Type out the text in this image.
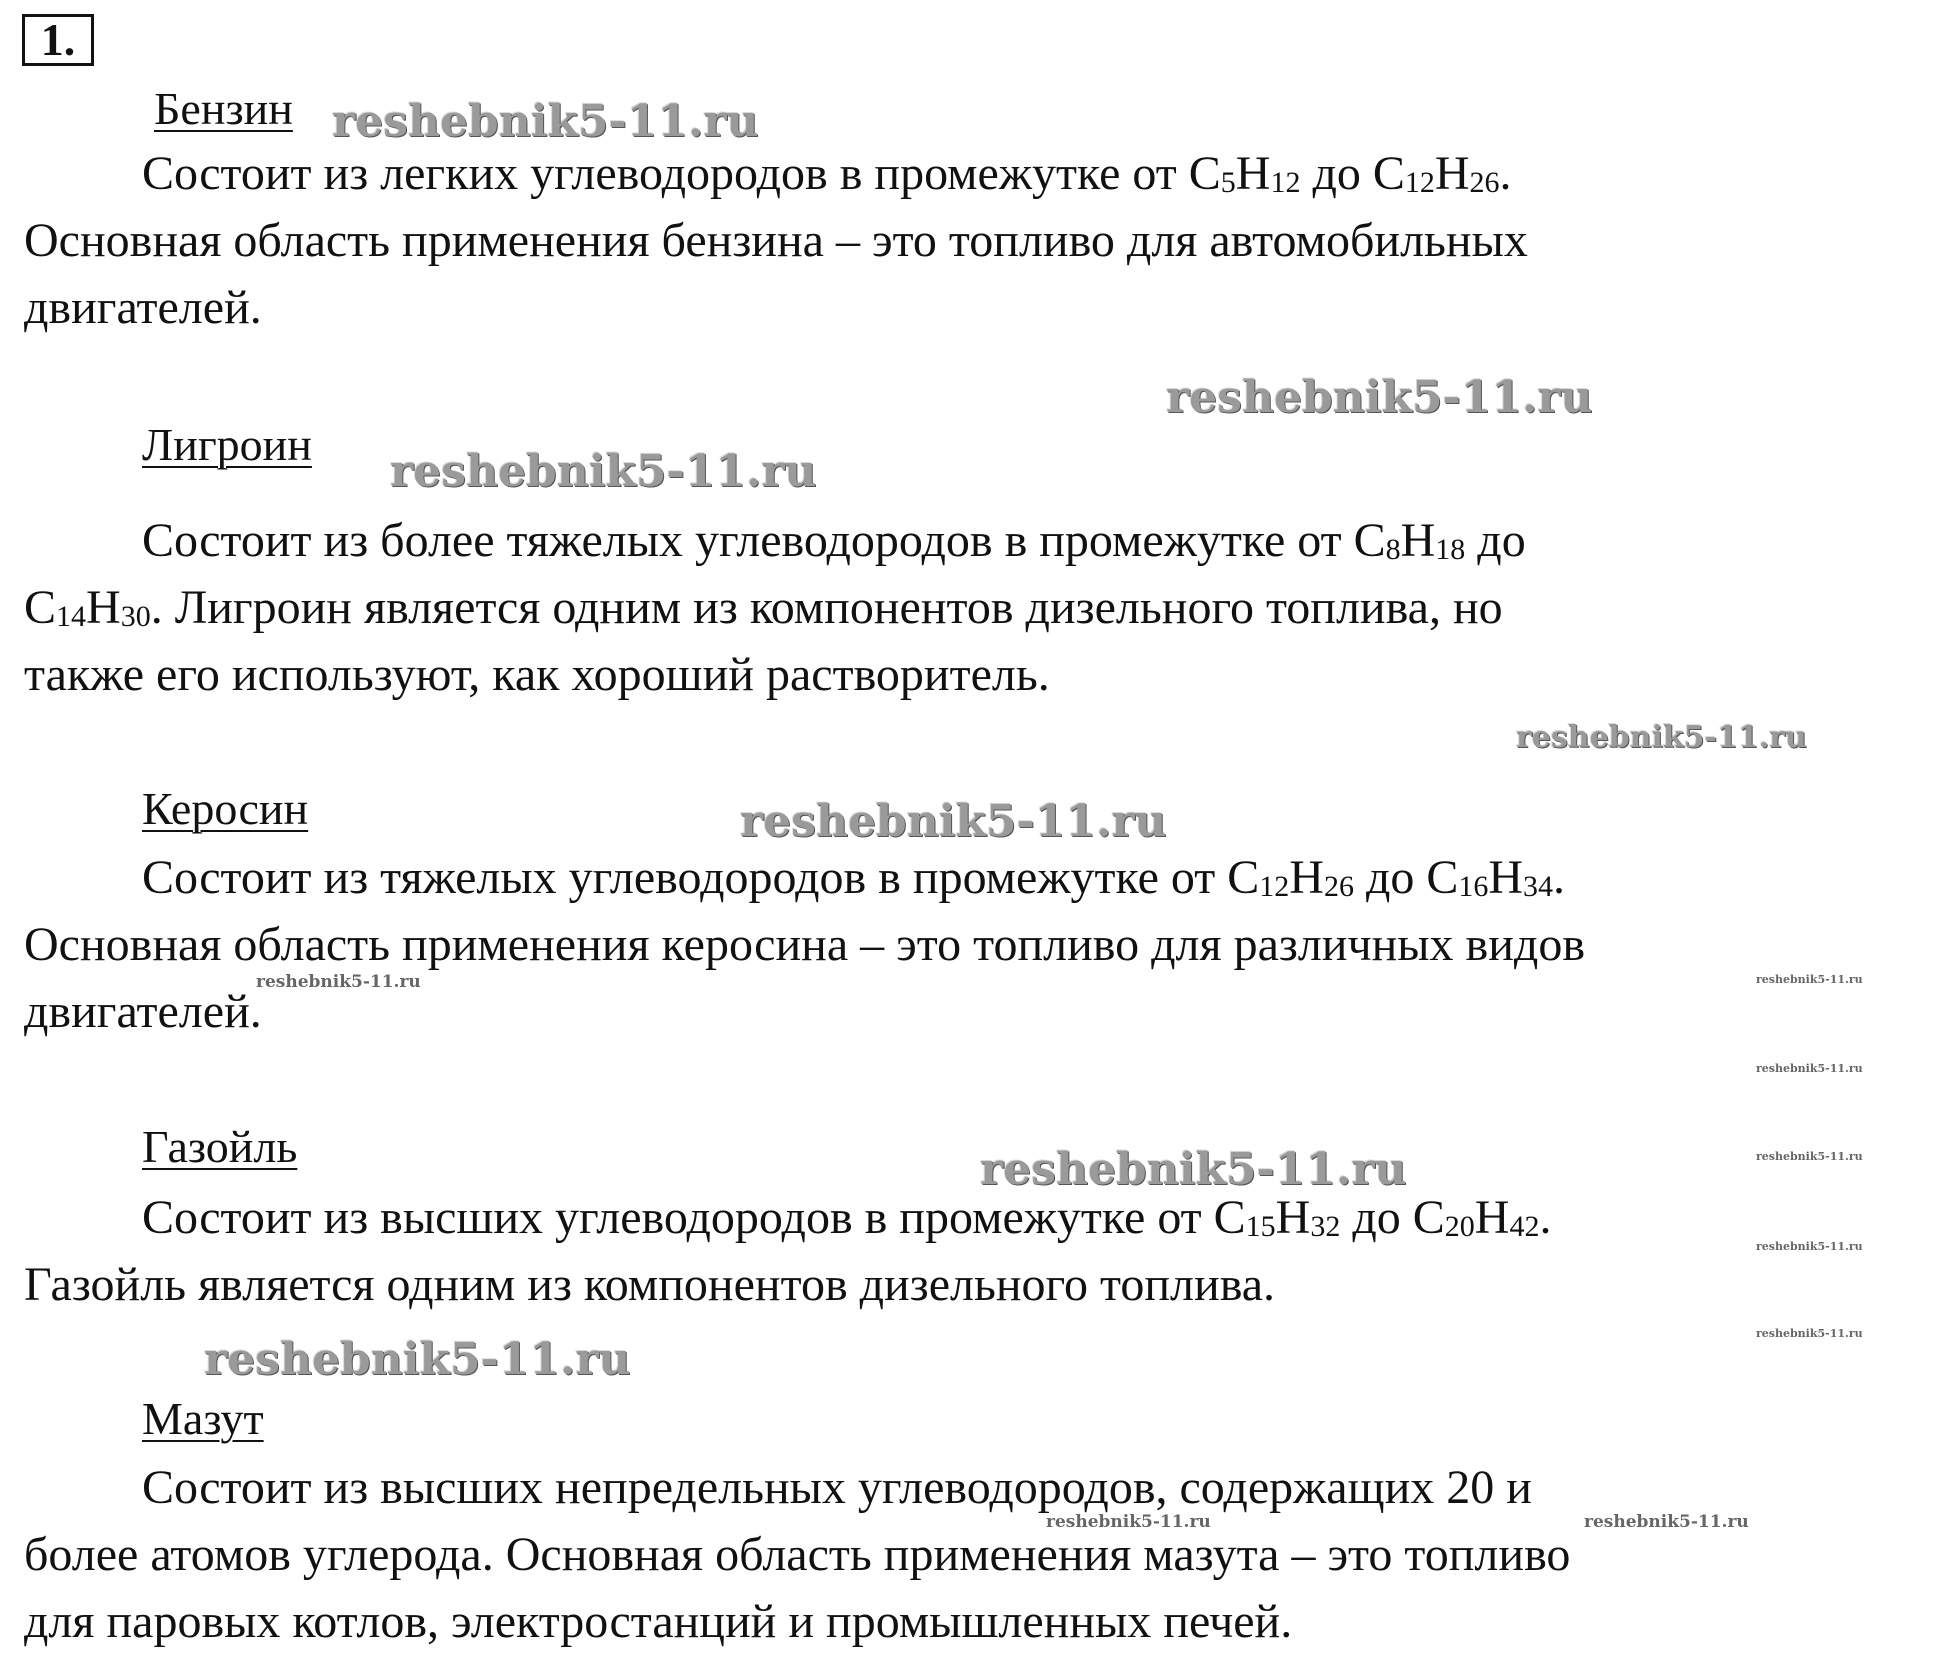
1.
Бензин
Состоит из легких углеводородов в промежутке от $C_5H_{12}$ до $C_{12}H_{26}$.
Основная область применения бензина – это топливо для автомобильных
двигателей.
Лигроин
Состоит из более тяжелых углеводородов в промежутке от $C_8H_{18}$ до
$C_{14}H_{30}$. Лигроин является одним из компонентов дизельного топлива, но
также его используют, как хороший растворитель.
Керосин
Состоит из тяжелых углеводородов в промежутке от $C_{12}H_{26}$ до $C_{16}H_{34}$.
Основная область применения керосина – это топливо для различных видов
двигателей.
Газойль
Состоит из высших углеводородов в промежутке от $C_{15}H_{32}$ до $C_{20}H_{42}$.
Газойль является одним из компонентов дизельного топлива.
Мазут
Состоит из высших непредельных углеводородов, содержащих 20 и
более атомов углерода. Основная область применения мазута – это топливо
для паровых котлов, электростанций и промышленных печей.
reshebnik5-11.ru
reshebnik5-11.ru
reshebnik5-11.ru
reshebnik5-11.ru
reshebnik5-11.ru
reshebnik5-11.ru	reshebnik5-11.ru
reshebnik5-11.ru
reshebnik5-11.ru	reshebnik5-11.ru
reshebnik5-11.ru
reshebnik5-11.ru
reshebnik5-11.ru
reshebnik5-11.ru	reshebnik5-11.ru
